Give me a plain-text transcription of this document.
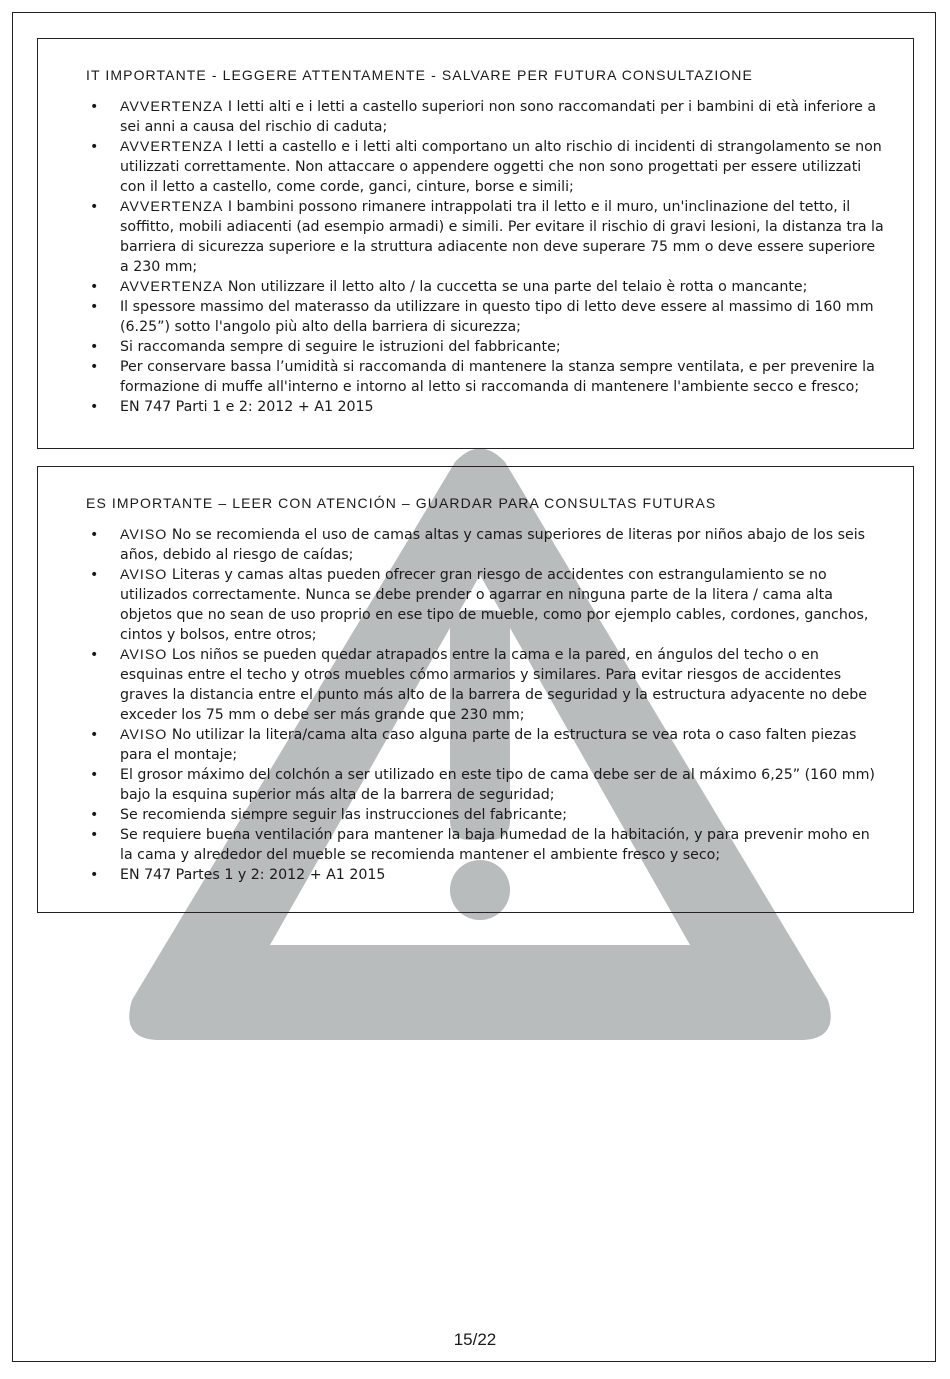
IT IMPORTANTE - LEGGERE ATTENTAMENTE - SALVARE PER FUTURA CONSULTAZIONE
• AVVERTENZA I letti alti e i letti a castello superiori non sono raccomandati per i bambini di età inferiore a sei anni a causa del rischio di caduta;
• AVVERTENZA I letti a castello e i letti alti comportano un alto rischio di incidenti di strangolamento se non utilizzati correttamente. Non attaccare o appendere oggetti che non sono progettati per essere utilizzati con il letto a castello, come corde, ganci, cinture, borse e simili;
• AVVERTENZA I bambini possono rimanere intrappolati tra il letto e il muro, un'inclinazione del tetto, il soffitto, mobili adiacenti (ad esempio armadi) e simili. Per evitare il rischio di gravi lesioni, la distanza tra la barriera di sicurezza superiore e la struttura adiacente non deve superare 75 mm o deve essere superiore a 230 mm;
• AVVERTENZA Non utilizzare il letto alto / la cuccetta se una parte del telaio è rotta o mancante;
• Il spessore massimo del materasso da utilizzare in questo tipo di letto deve essere al massimo di 160 mm (6.25”) sotto l'angolo più alto della barriera di sicurezza;
• Si raccomanda sempre di seguire le istruzioni del fabbricante;
• Per conservare bassa l’umidità si raccomanda di mantenere la stanza sempre ventilata, e per prevenire la formazione di muffe all'interno e intorno al letto si raccomanda di mantenere l'ambiente secco e fresco;
• EN 747 Parti 1 e 2: 2012 + A1 2015
ES IMPORTANTE – LEER CON ATENCIÓN – GUARDAR PARA CONSULTAS FUTURAS
• AVISO No se recomienda el uso de camas altas y camas superiores de literas por niños abajo de los seis años, debido al riesgo de caídas;
• AVISO Literas y camas altas pueden ofrecer gran riesgo de accidentes con estrangulamiento se no utilizados correctamente. Nunca se debe prender o agarrar en ninguna parte de la litera / cama alta objetos que no sean de uso proprio en ese tipo de mueble, como por ejemplo cables, cordones, ganchos, cintos y bolsos, entre otros;
• AVISO Los niños se pueden quedar atrapados entre la cama e la pared, en ángulos del techo o en esquinas entre el techo y otros muebles cómo armarios y similares. Para evitar riesgos de accidentes graves la distancia entre el punto más alto de la barrera de seguridad y la estructura adyacente no debe exceder los 75 mm o debe ser más grande que 230 mm;
• AVISO No utilizar la litera/cama alta caso alguna parte de la estructura se vea rota o caso falten piezas para el montaje;
• El grosor máximo del colchón a ser utilizado en este tipo de cama debe ser de al máximo 6,25” (160 mm) bajo la esquina superior más alta de la barrera de seguridad;
• Se recomienda siempre seguir las instrucciones del fabricante;
• Se requiere buena ventilación para mantener la baja humedad de la habitación, y para prevenir moho en la cama y alrededor del mueble se recomienda mantener el ambiente fresco y seco;
• EN 747 Partes 1 y 2: 2012 + A1 2015
15/22
